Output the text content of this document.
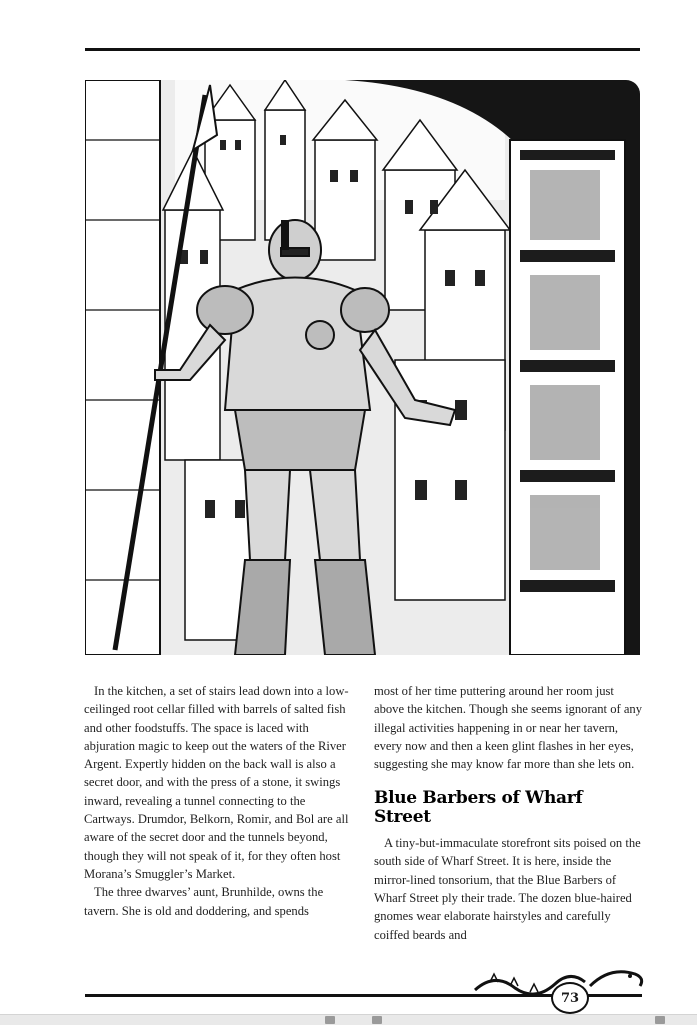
In the kitchen, a set of stairs lead down into a low-ceilinged root cellar filled with barrels of salted fish and other foodstuffs. The space is laced with abjuration magic to keep out the waters of the River Argent. Expertly hidden on the back wall is also a secret door, and with the press of a stone, it swings inward, revealing a tunnel connecting to the Cartways. Drumdor, Belkorn, Romir, and Bol are all aware of the secret door and the tunnels beyond, though they will not speak of it, for they often host Morana’s Smuggler’s Market.

The three dwarves’ aunt, Brunhilde, owns the tavern. She is old and doddering, and spends

most of her time puttering around her room just above the kitchen. Though she seems ignorant of any illegal activities happening in or near her tavern, every now and then a keen glint flashes in her eyes, suggesting she may know far more than she lets on.

Blue Barbers of Wharf Street

A tiny-but-immaculate storefront sits poised on the south side of Wharf Street. It is here, inside the mirror-lined tonsorium, that the Blue Barbers of Wharf Street ply their trade. The dozen blue-haired gnomes wear elaborate hairstyles and carefully coiffed beards and

73
